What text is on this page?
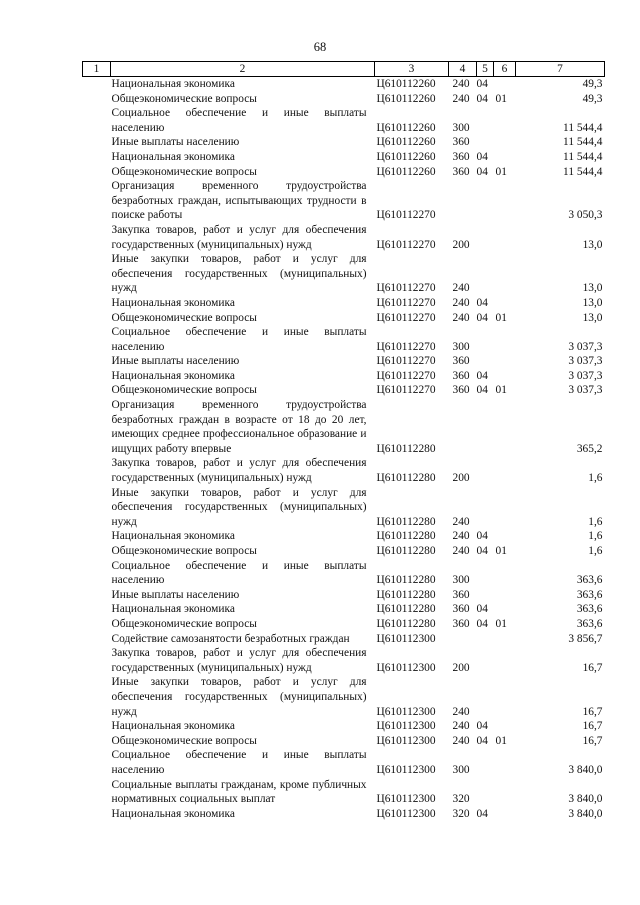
68
1	2	3	4	5	6	7
	Национальная экономика	Ц610112260	240	04		49,3
	Общеэкономические вопросы	Ц610112260	240	04	01	49,3
	Социальное обеспечение и иные выплаты населению	Ц610112260	300			11 544,4
	Иные выплаты населению	Ц610112260	360			11 544,4
	Национальная экономика	Ц610112260	360	04		11 544,4
	Общеэкономические вопросы	Ц610112260	360	04	01	11 544,4
	Организация временного трудоустройства безработных граждан, испытывающих трудности в поиске работы	Ц610112270				3 050,3
	Закупка товаров, работ и услуг для обеспечения государственных (муниципальных) нужд	Ц610112270	200			13,0
	Иные закупки товаров, работ и услуг для обеспечения государственных (муниципальных) нужд	Ц610112270	240			13,0
	Национальная экономика	Ц610112270	240	04		13,0
	Общеэкономические вопросы	Ц610112270	240	04	01	13,0
	Социальное обеспечение и иные выплаты населению	Ц610112270	300			3 037,3
	Иные выплаты населению	Ц610112270	360			3 037,3
	Национальная экономика	Ц610112270	360	04		3 037,3
	Общеэкономические вопросы	Ц610112270	360	04	01	3 037,3
	Организация временного трудоустройства безработных граждан в возрасте от 18 до 20 лет, имеющих среднее профессиональное образование и ищущих работу впервые	Ц610112280				365,2
	Закупка товаров, работ и услуг для обеспечения государственных (муниципальных) нужд	Ц610112280	200			1,6
	Иные закупки товаров, работ и услуг для обеспечения государственных (муниципальных) нужд	Ц610112280	240			1,6
	Национальная экономика	Ц610112280	240	04		1,6
	Общеэкономические вопросы	Ц610112280	240	04	01	1,6
	Социальное обеспечение и иные выплаты населению	Ц610112280	300			363,6
	Иные выплаты населению	Ц610112280	360			363,6
	Национальная экономика	Ц610112280	360	04		363,6
	Общеэкономические вопросы	Ц610112280	360	04	01	363,6
	Содействие самозанятости безработных граждан	Ц610112300				3 856,7
	Закупка товаров, работ и услуг для обеспечения государственных (муниципальных) нужд	Ц610112300	200			16,7
	Иные закупки товаров, работ и услуг для обеспечения государственных (муниципальных) нужд	Ц610112300	240			16,7
	Национальная экономика	Ц610112300	240	04		16,7
	Общеэкономические вопросы	Ц610112300	240	04	01	16,7
	Социальное обеспечение и иные выплаты населению	Ц610112300	300			3 840,0
	Социальные выплаты гражданам, кроме публичных нормативных социальных выплат	Ц610112300	320			3 840,0
	Национальная экономика	Ц610112300	320	04		3 840,0
